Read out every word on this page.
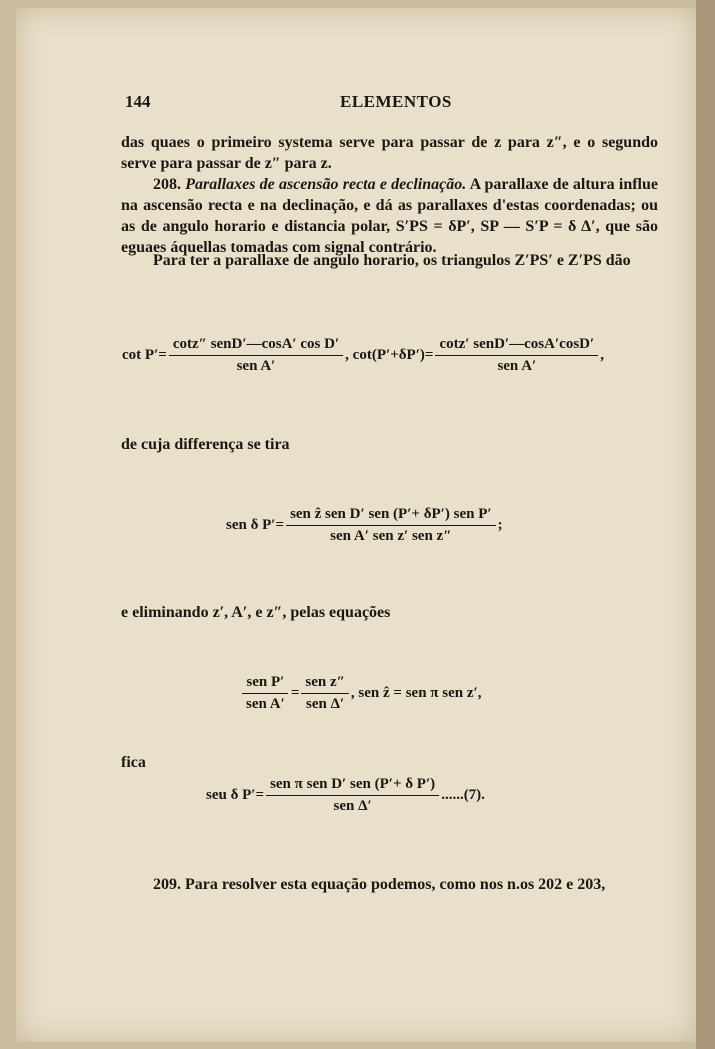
144	ELEMENTOS
das quaes o primeiro systema serve para passar de z para z″, e o segundo serve para passar de z″ para z.
208. Parallaxes de ascensão recta e declinação. A parallaxe de altura influe na ascensão recta e na declinação, e dá as parallaxes d'estas coordenadas; ou as de angulo horario e distancia polar, S′PS = δP′, SP — S′P = δ Δ′, que são eguaes áquellas tomadas com signal contrário.
Para ter a parallaxe de angulo horario, os triangulos Z′PS′ e Z′PS dão
$\cot P'= \frac{\text{cotz″ senD′—cosA′ cos D′}}{\text{sen A′}}$ , $\cot(P'+\delta P')= \frac{\text{cotz′ senD′—cosA′cosD′}}{\text{sen A′}}$ ,
de cuja differença se tira
sen δ $P'= \frac{\text{sen ẑ sen D′ sen (P′+ δP′) sen P′}}{\text{sen A′ sen z′ sen z″}}$ ;
e eliminando z′, A′, e z″, pelas equações
$\frac{\text{sen P′}}{\text{sen A′}} = \frac{\text{sen z″}}{\text{sen Δ′}}$ , sen ẑ = sen π sen z′,
fica
seu δ $P'= \frac{\text{sen π sen D′ sen (P′+ δ P′)}}{\text{sen Δ′}} ......(7)$.
209. Para resolver esta equação podemos, como nos n.os 202 e 203,
